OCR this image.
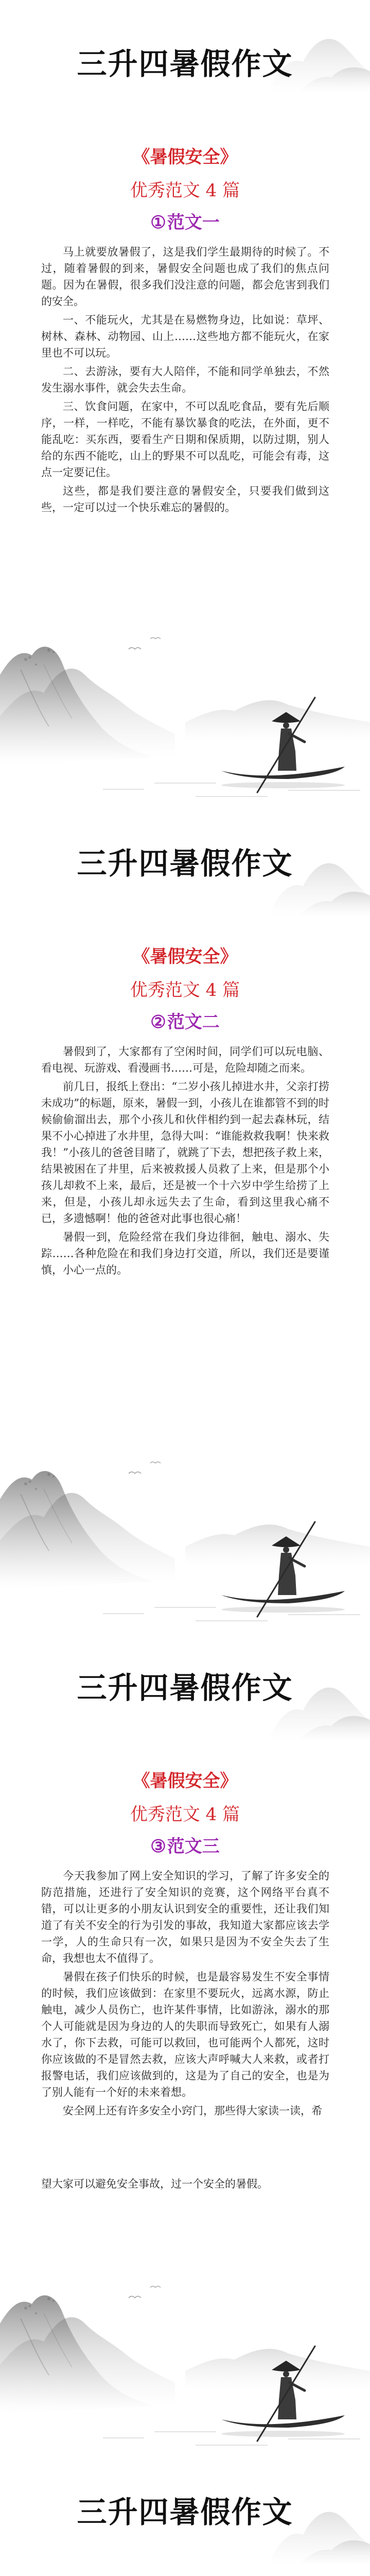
三升四暑假作文
《暑假安全》
优秀范文 4 篇
①范文一

马上就要放暑假了，这是我们学生最期待的时候了。不过，随着暑假的到来，暑假安全问题也成了我们的焦点问题。因为在暑假，很多我们没注意的问题，都会危害到我们的安全。

一、不能玩火，尤其是在易燃物身边，比如说：草坪、树林、森林、动物园、山上……这些地方都不能玩火，在家里也不可以玩。

二、去游泳，要有大人陪伴，不能和同学单独去，不然发生溺水事件，就会失去生命。

三、饮食问题，在家中，不可以乱吃食品，要有先后顺序，一样，一样吃，不能有暴饮暴食的吃法，在外面，更不能乱吃：买东西，要看生产日期和保质期，以防过期，别人给的东西不能吃，山上的野果不可以乱吃，可能会有毒，这点一定要记住。

这些，都是我们要注意的暑假安全，只要我们做到这些，一定可以过一个快乐难忘的暑假的。

三升四暑假作文
《暑假安全》
优秀范文 4 篇
②范文二

暑假到了，大家都有了空闲时间，同学们可以玩电脑、看电视、玩游戏、看漫画书……可是，危险却随之而来。

前几日，报纸上登出：“二岁小孩儿掉进水井，父亲打捞未成功”的标题，原来，暑假一到，小孩儿在谁都管不到的时候偷偷溜出去，那个小孩儿和伙伴相约到一起去森林玩，结果不小心掉进了水井里，急得大叫：“谁能救救我啊！快来救我！”小孩儿的爸爸目睹了，就跳了下去，想把孩子救上来，结果被困在了井里，后来被救援人员救了上来，但是那个小孩儿却救不上来，最后，还是被一个十六岁中学生给捞了上来，但是，小孩儿却永远失去了生命，看到这里我心痛不已，多遗憾啊！他的爸爸对此事也很心痛！

暑假一到，危险经常在我们身边徘徊，触电、溺水、失踪……各种危险在和我们身边打交道，所以，我们还是要谨慎，小心一点的。

三升四暑假作文
《暑假安全》
优秀范文 4 篇
③范文三

今天我参加了网上安全知识的学习，了解了许多安全的防范措施，还进行了安全知识的竞赛，这个网络平台真不错，可以让更多的小朋友认识到安全的重要性，还让我们知道了有关不安全的行为引发的事故，我知道大家都应该去学一学，人的生命只有一次，如果只是因为不安全失去了生命，我想也太不值得了。

暑假在孩子们快乐的时候，也是最容易发生不安全事情的时候，我们应该做到：在家里不要玩火，远离水源，防止触电，减少人员伤亡，也许某件事情，比如游泳，溺水的那个人可能就是因为身边的人的失职而导致死亡，如果有人溺水了，你下去救，可能可以救回，也可能两个人都死，这时你应该做的不是冒然去救，应该大声呼喊大人来救，或者打报警电话，我们应该做到的，这是为了自己的安全，也是为了别人能有一个好的未来着想。

安全网上还有许多安全小窍门，那些得大家读一读，希

望大家可以避免安全事故，过一个安全的暑假。

三升四暑假作文
